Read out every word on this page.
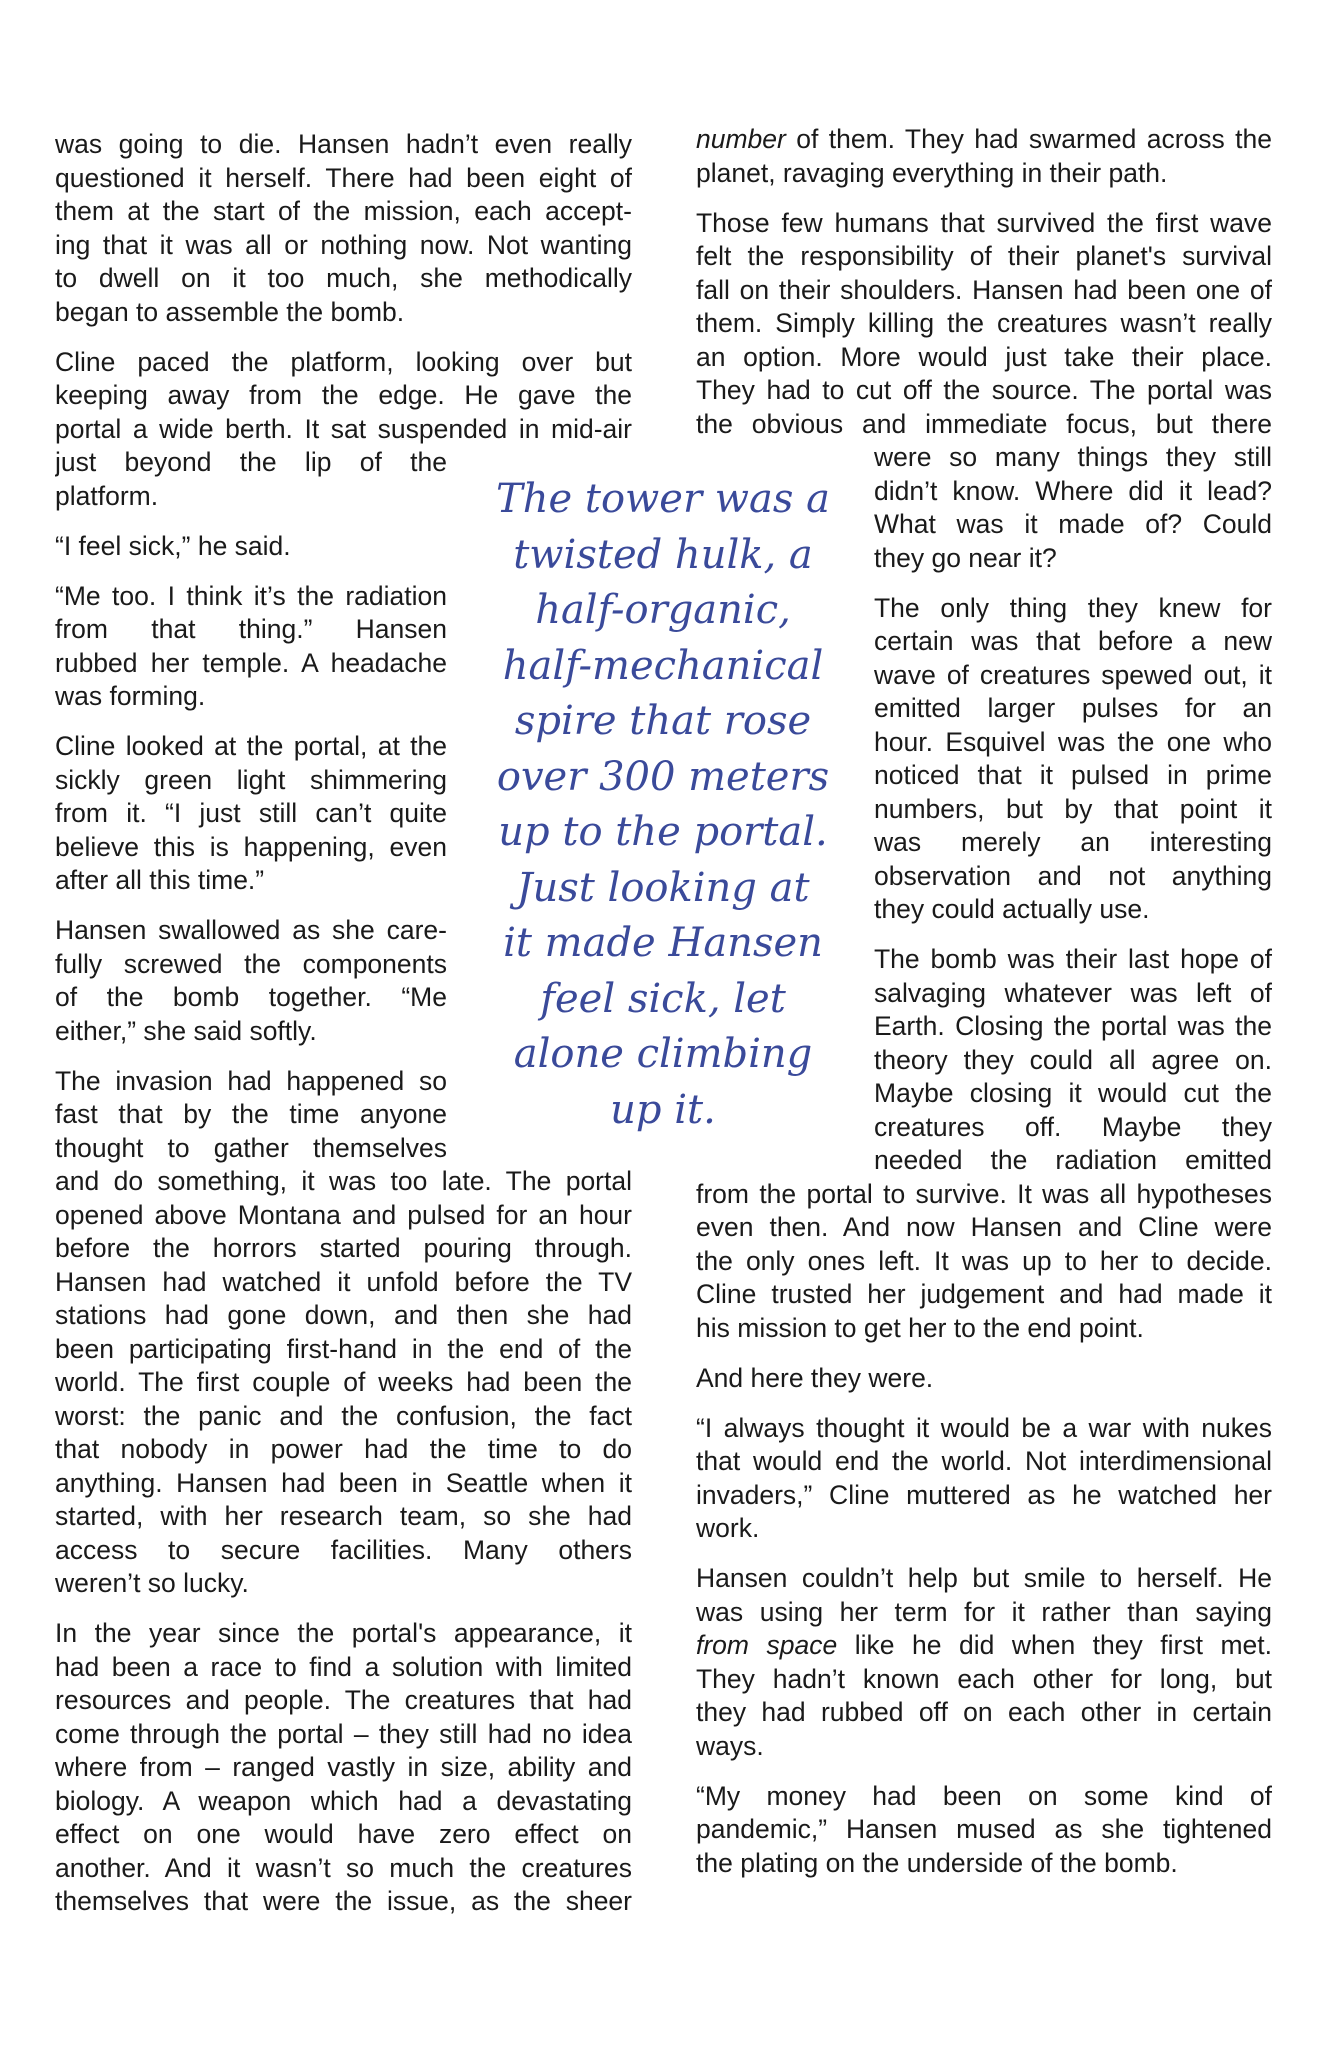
was going to die. Hansen hadn’t even really
questioned it herself. There had been eight of
them at the start of the mission, each accept-
ing that it was all or nothing now. Not wanting
to dwell on it too much, she methodically
began to assemble the bomb.
Cline paced the platform, looking over but
keeping away from the edge. He gave the
portal a wide berth. It sat suspended in mid-air
just beyond the lip of the
platform.
“I feel sick,” he said.
“Me too. I think it’s the radiation
from that thing.” Hansen
rubbed her temple. A headache
was forming.
Cline looked at the portal, at the
sickly green light shimmering
from it. “I just still can’t quite
believe this is happening, even
after all this time.”
Hansen swallowed as she care-
fully screwed the components
of the bomb together. “Me
either,” she said softly.
The invasion had happened so
fast that by the time anyone
thought to gather themselves
and do something, it was too late. The portal
opened above Montana and pulsed for an hour
before the horrors started pouring through.
Hansen had watched it unfold before the TV
stations had gone down, and then she had
been participating first-hand in the end of the
world. The first couple of weeks had been the
worst: the panic and the confusion, the fact
that nobody in power had the time to do
anything. Hansen had been in Seattle when it
started, with her research team, so she had
access to secure facilities. Many others
weren’t so lucky.
In the year since the portal's appearance, it
had been a race to find a solution with limited
resources and people. The creatures that had
come through the portal – they still had no idea
where from – ranged vastly in size, ability and
biology. A weapon which had a devastating
effect on one would have zero effect on
another. And it wasn’t so much the creatures
themselves that were the issue, as the sheer
number of them. They had swarmed across the
planet, ravaging everything in their path.
Those few humans that survived the first wave
felt the responsibility of their planet's survival
fall on their shoulders. Hansen had been one of
them. Simply killing the creatures wasn’t really
an option. More would just take their place.
They had to cut off the source. The portal was
the obvious and immediate focus, but there
were so many things they still
didn’t know. Where did it lead?
What was it made of? Could
they go near it?
The only thing they knew for
certain was that before a new
wave of creatures spewed out, it
emitted larger pulses for an
hour. Esquivel was the one who
noticed that it pulsed in prime
numbers, but by that point it
was merely an interesting
observation and not anything
they could actually use.
The bomb was their last hope of
salvaging whatever was left of
Earth. Closing the portal was the
theory they could all agree on.
Maybe closing it would cut the
creatures off. Maybe they
needed the radiation emitted
from the portal to survive. It was all hypotheses
even then. And now Hansen and Cline were
the only ones left. It was up to her to decide.
Cline trusted her judgement and had made it
his mission to get her to the end point.
And here they were.
“I always thought it would be a war with nukes
that would end the world. Not interdimensional
invaders,” Cline muttered as he watched her
work.
Hansen couldn’t help but smile to herself. He
was using her term for it rather than saying
from space like he did when they first met.
They hadn’t known each other for long, but
they had rubbed off on each other in certain
ways.
“My money had been on some kind of
pandemic,” Hansen mused as she tightened
the plating on the underside of the bomb.
The tower was a
twisted hulk, a
half-organic,
half-mechanical
spire that rose
over 300 meters
up to the portal.
Just looking at
it made Hansen
feel sick, let
alone climbing
up it.
